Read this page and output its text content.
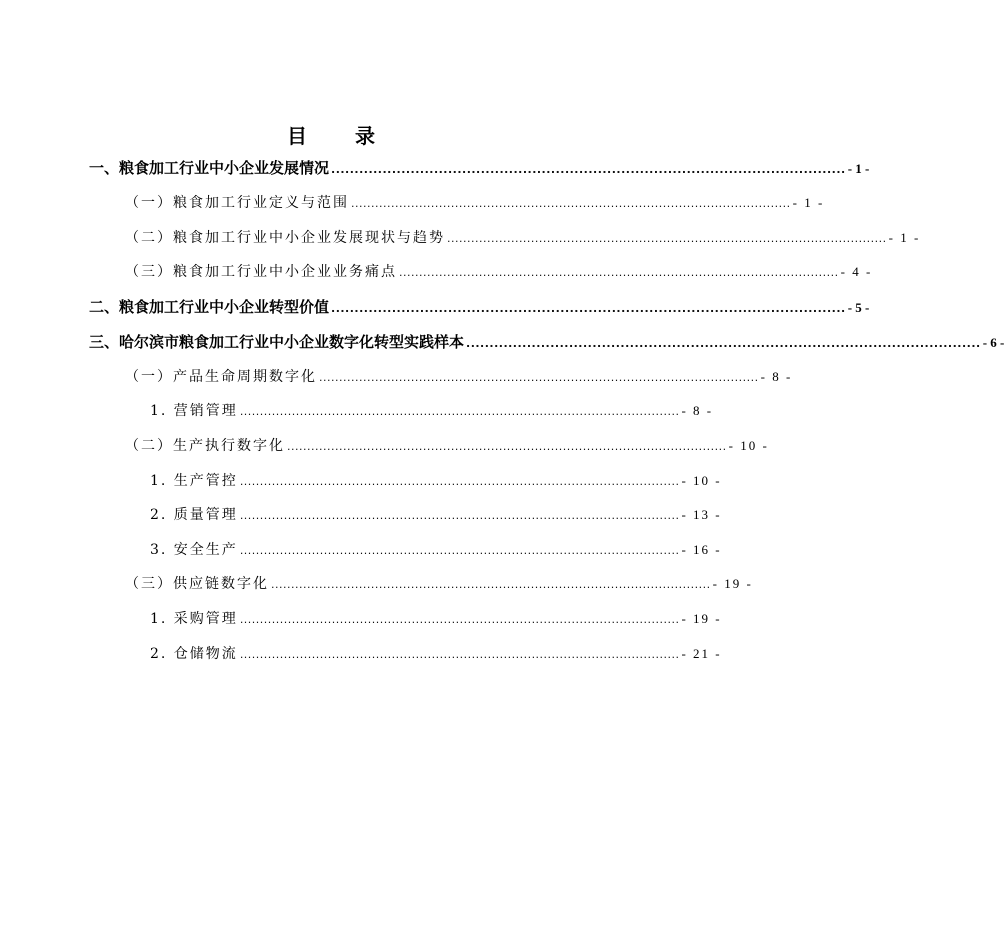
目　录
一、粮食加工行业中小企业发展情况 .............................................................................................................. - 1 -
（一）粮食加工行业定义与范围 .............................................................................................................. - 1 -
（二）粮食加工行业中小企业发展现状与趋势 .............................................................................................................. - 1 -
（三）粮食加工行业中小企业业务痛点 .............................................................................................................. - 4 -
二、粮食加工行业中小企业转型价值 .............................................................................................................. - 5 -
三、哈尔滨市粮食加工行业中小企业数字化转型实践样本 .............................................................................................................. - 6 -
（一）产品生命周期数字化 .............................................................................................................. - 8 -
1. 营销管理 .............................................................................................................. - 8 -
（二）生产执行数字化 .............................................................................................................. - 10 -
1. 生产管控 .............................................................................................................. - 10 -
2. 质量管理 .............................................................................................................. - 13 -
3. 安全生产 .............................................................................................................. - 16 -
（三）供应链数字化 .............................................................................................................. - 19 -
1. 采购管理 .............................................................................................................. - 19 -
2. 仓储物流 .............................................................................................................. - 21 -
